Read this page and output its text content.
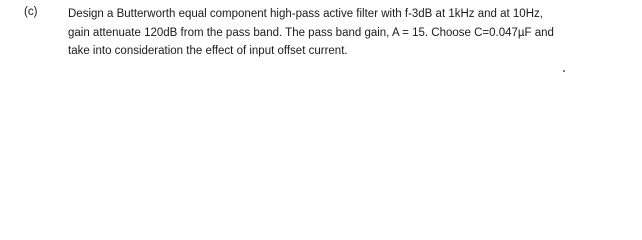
(c)	Design a Butterworth equal component high-pass active filter with f-3dB at 1kHz and at 10Hz,
gain attenuate 120dB from the pass band. The pass band gain, A = 15. Choose C=0.047µF and
take into consideration the effect of input offset current.
